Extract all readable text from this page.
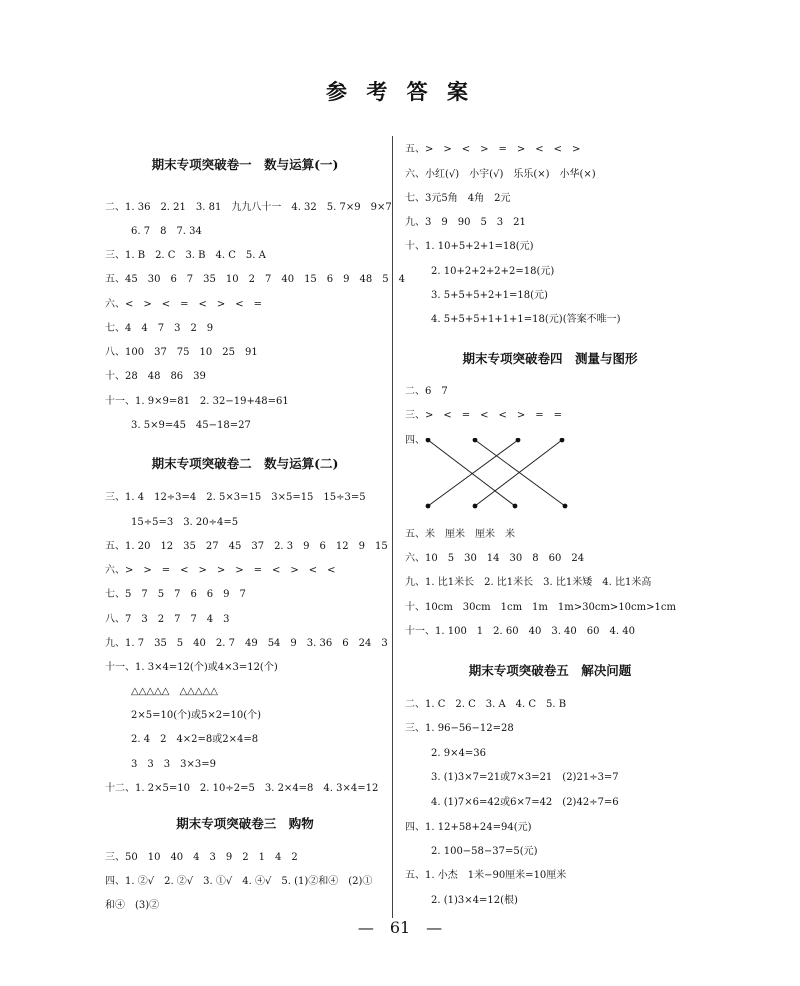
参 考 答 案
期末专项突破卷一　数与运算(一)
二、1. 36　2. 21　3. 81　九九八十一　4. 32　5. 7×9　9×7
6. 7　8　7. 34
三、1. B　2. C　3. B　4. C　5. A
五、45　30　6　7　35　10　2　7　40　15　6　9　48　5　4
六、<　>　<　=　<　>　<　=
七、4　4　7　3　2　9
八、100　37　75　10　25　91
十、28　48　86　39
十一、1. 9×9=81　2. 32−19+48=61
3. 5×9=45　45−18=27
期末专项突破卷二　数与运算(二)
三、1. 4　12÷3=4　2. 5×3=15　3×5=15　15÷3=5
15÷5=3　3. 20÷4=5
五、1. 20　12　35　27　45　37　2. 3　9　6　12　9　15
六、>　>　=　<　>　>　>　=　<　>　<　<
七、5　7　5　7　6　6　9　7
八、7　3　2　7　7　4　3
九、1. 7　35　5　40　2. 7　49　54　9　3. 36　6　24　3
十一、1. 3×4=12(个)或4×3=12(个)
△△△△△　△△△△△
2×5=10(个)或5×2=10(个)
2. 4　2　4×2=8或2×4=8
3　3　3　3×3=9
十二、1. 2×5=10　2. 10÷2=5　3. 2×4=8　4. 3×4=12
期末专项突破卷三　购物
三、50　10　40　4　3　9　2　1　4　2
四、1. ②√　2. ②√　3. ①√　4. ④√　5. (1)②和④　(2)①
和④　(3)②
五、>　>　<　>　=　>　<　<　>
六、小红(√)　小宇(√)　乐乐(×)　小华(×)
七、3元5角　4角　2元
九、3　9　90　5　3　21
十、1. 10+5+2+1=18(元)
2. 10+2+2+2+2=18(元)
3. 5+5+5+2+1=18(元)
4. 5+5+5+1+1+1=18(元)(答案不唯一)
期末专项突破卷四　测量与图形
二、6　7
三、>　<　=　<　<　>　=　=
四、
五、米　厘米　厘米　米
六、10　5　30　14　30　8　60　24
九、1. 比1米长　2. 比1米长　3. 比1米矮　4. 比1米高
十、10cm　30cm　1cm　1m　1m>30cm>10cm>1cm
十一、1. 100　1　2. 60　40　3. 40　60　4. 40
期末专项突破卷五　解决问题
二、1. C　2. C　3. A　4. C　5. B
三、1. 96−56−12=28
2. 9×4=36
3. (1)3×7=21或7×3=21　(2)21÷3=7
4. (1)7×6=42或6×7=42　(2)42÷7=6
四、1. 12+58+24=94(元)
2. 100−58−37=5(元)
五、1. 小杰　1米−90厘米=10厘米
2. (1)3×4=12(根)
—　61　—
